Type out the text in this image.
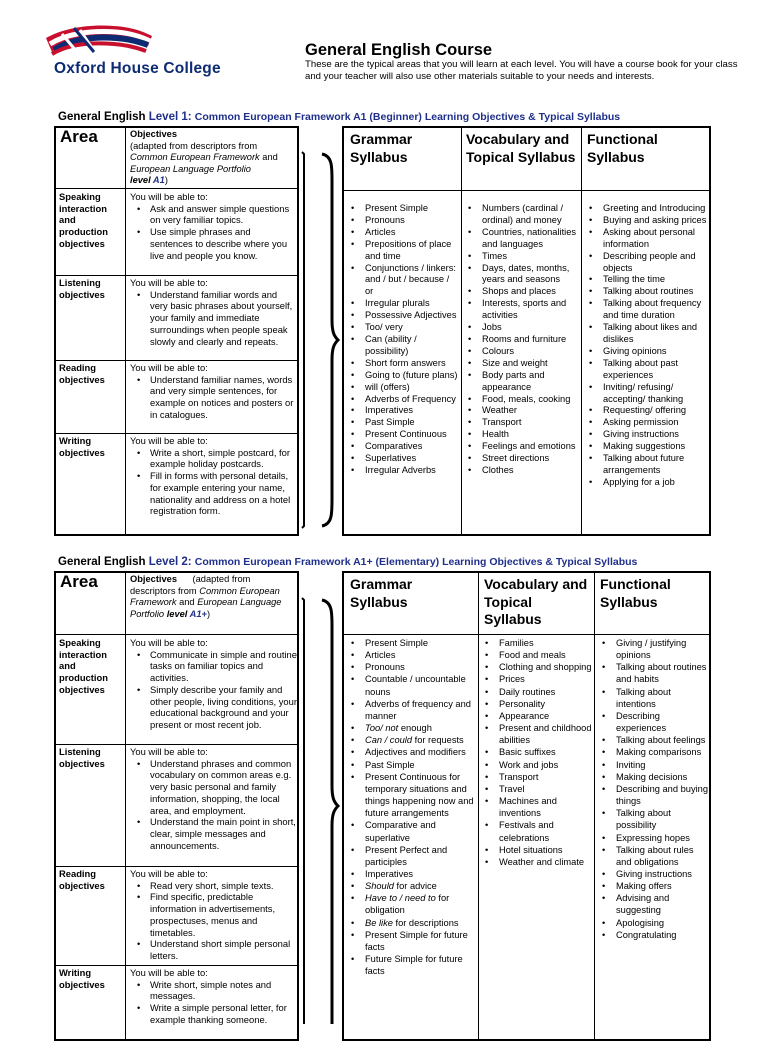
Oxford House College
General English Course
These are the typical areas that you will learn at each level. You will have a course book for your class and your teacher will also use other materials suitable to your needs and interests.
General English Level 1: Common European Framework A1 (Beginner) Learning Objectives & Typical Syllabus
Area	Objectives
(adapted from descriptors from Common European Framework and European Language Portfolio
level A1)
Speaking interaction and production objectives
You will be able to:
• Ask and answer simple questions on very familiar topics.
• Use simple phrases and sentences to describe where you live and people you know.
Listening objectives
You will be able to:
• Understand familiar words and very basic phrases about yourself, your family and immediate surroundings when people speak slowly and clearly and repeats.
Reading objectives
You will be able to:
• Understand familiar names, words and very simple sentences, for example on notices and posters or in catalogues.
Writing objectives
You will be able to:
• Write a short, simple postcard, for example holiday postcards.
• Fill in forms with personal details, for example entering your name, nationality and address on a hotel registration form.
Grammar Syllabus
Vocabulary and Topical Syllabus
Functional Syllabus
• Present Simple
• Pronouns
• Articles
• Prepositions of place and time
• Conjunctions / linkers: and / but / because / or
• Irregular plurals
• Possessive Adjectives
• Too/ very
• Can (ability / possibility)
• Short form answers
• Going to (future plans)
• will (offers)
• Adverbs of Frequency
• Imperatives
• Past Simple
• Present Continuous
• Comparatives
• Superlatives
• Irregular Adverbs
• Numbers (cardinal / ordinal) and money
• Countries, nationalities and languages
• Times
• Days, dates, months, years and seasons
• Shops and places
• Interests, sports and activities
• Jobs
• Rooms and furniture
• Colours
• Size and weight
• Body parts and appearance
• Food, meals, cooking
• Weather
• Transport
• Health
• Feelings and emotions
• Street directions
• Clothes
• Greeting and Introducing
• Buying and asking prices
• Asking about personal information
• Describing people and objects
• Telling the time
• Talking about routines
• Talking about frequency and time duration
• Talking about likes and dislikes
• Giving opinions
• Talking about past experiences
• Inviting/ refusing/ accepting/ thanking
• Requesting/ offering
• Asking permission
• Giving instructions
• Making suggestions
• Talking about future arrangements
• Applying for a job
General English Level 2: Common European Framework A1+ (Elementary) Learning Objectives & Typical Syllabus
Area	Objectives (adapted from descriptors from Common European Framework and European Language Portfolio level A1+)
Speaking interaction and production objectives
You will be able to:
• Communicate in simple and routine tasks on familiar topics and activities.
• Simply describe your family and other people, living conditions, your educational background and your present or most recent job.
Listening objectives
You will be able to:
• Understand phrases and common vocabulary on common areas e.g. very basic personal and family information, shopping, the local area, and employment.
• Understand the main point in short, clear, simple messages and announcements.
Reading objectives
You will be able to:
• Read very short, simple texts.
• Find specific, predictable information in advertisements, prospectuses, menus and timetables.
• Understand short simple personal letters.
Writing objectives
You will be able to:
• Write short, simple notes and messages.
• Write a simple personal letter, for example thanking someone.
Grammar Syllabus
Vocabulary and Topical Syllabus
Functional Syllabus
• Present Simple
• Articles
• Pronouns
• Countable / uncountable nouns
• Adverbs of frequency and manner
• Too/ not enough
• Can / could for requests
• Adjectives and modifiers
• Past Simple
• Present Continuous for temporary situations and things happening now and future arrangements
• Comparative and superlative
• Present Perfect and participles
• Imperatives
• Should for advice
• Have to / need to for obligation
• Be like for descriptions
• Present Simple for future facts
• Future Simple for future facts
• Families
• Food and meals
• Clothing and shopping
• Prices
• Daily routines
• Personality
• Appearance
• Present and childhood abilities
• Basic suffixes
• Work and jobs
• Transport
• Travel
• Machines and inventions
• Festivals and celebrations
• Hotel situations
• Weather and climate
• Giving / justifying opinions
• Talking about routines and habits
• Talking about intentions
• Describing experiences
• Talking about feelings
• Making comparisons
• Inviting
• Making decisions
• Describing and buying things
• Talking about possibility
• Expressing hopes
• Talking about rules and obligations
• Giving instructions
• Making offers
• Advising and suggesting
• Apologising
• Congratulating
